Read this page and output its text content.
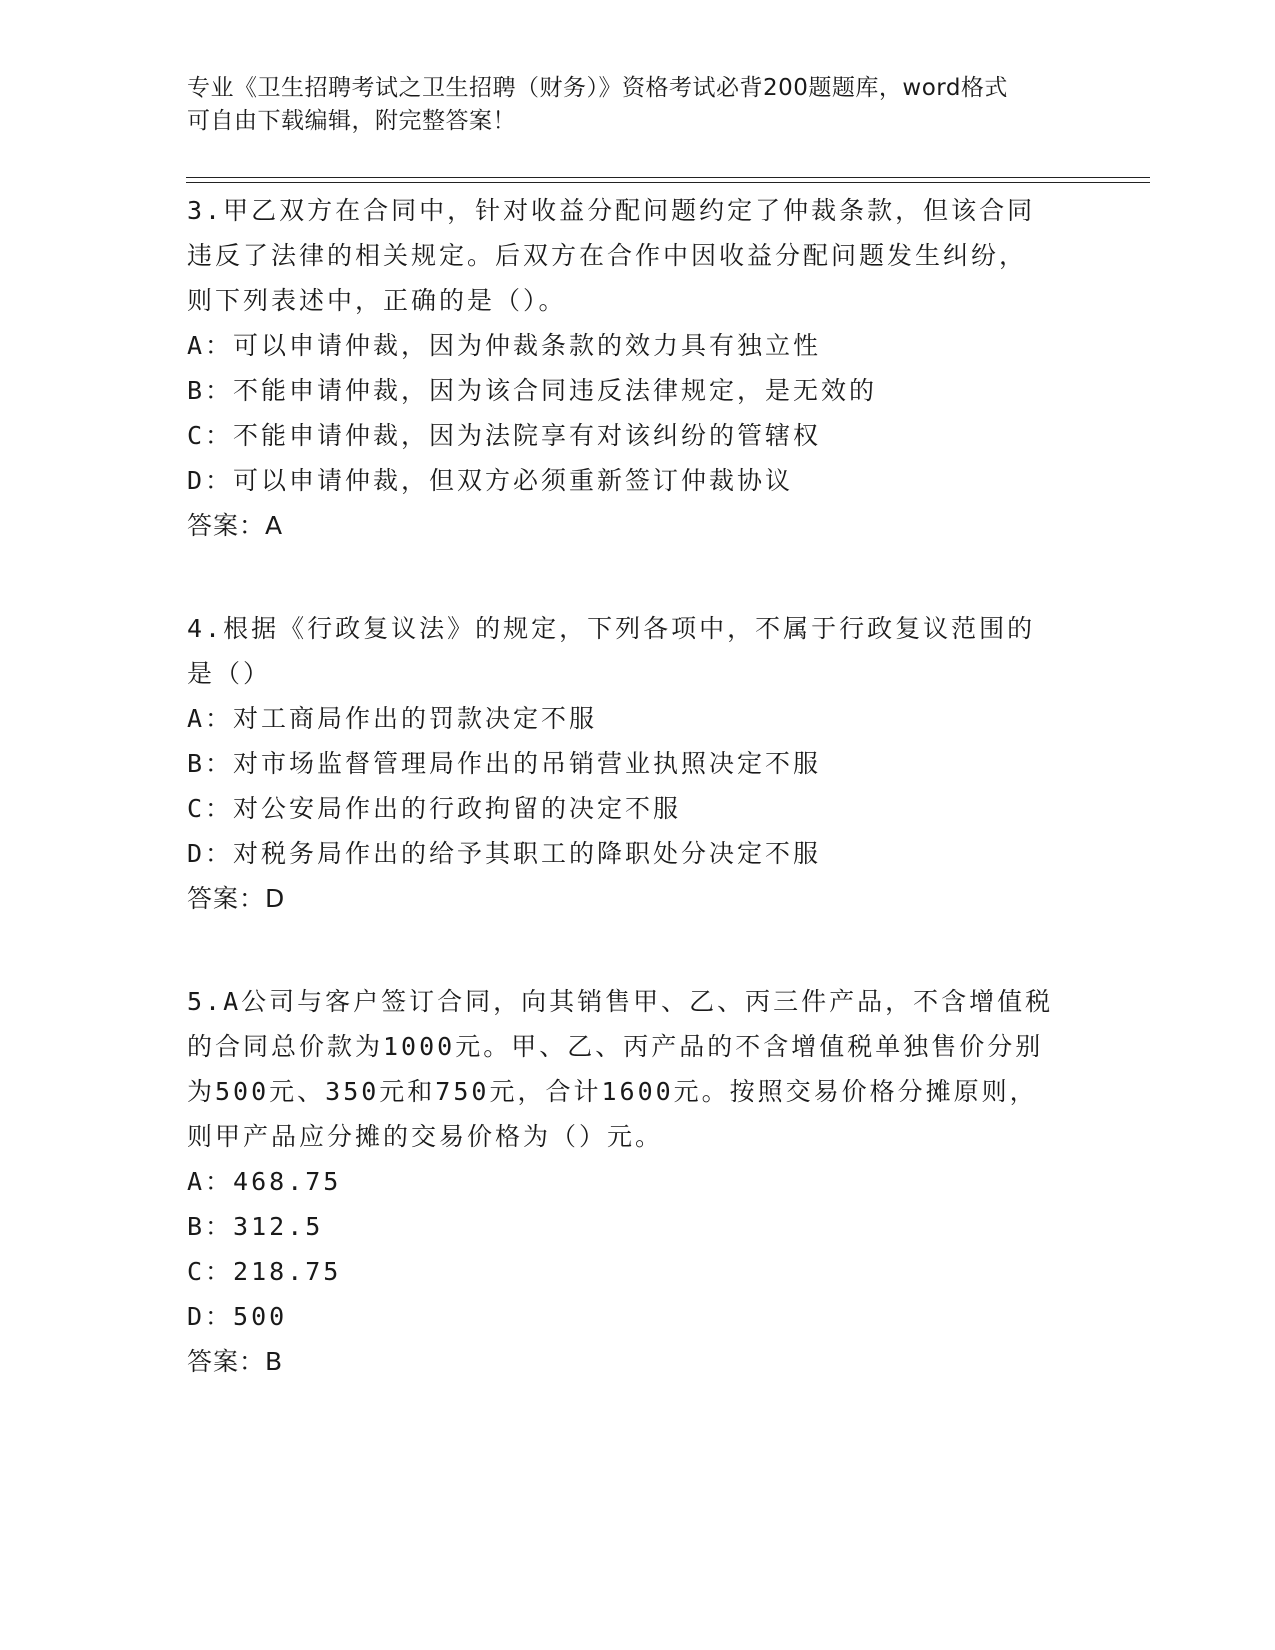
专业《卫生招聘考试之卫生招聘（财务）》资格考试必背200题题库，word格式
可自由下载编辑，附完整答案！
3.甲乙双方在合同中，针对收益分配问题约定了仲裁条款，但该合同
违反了法律的相关规定。后双方在合作中因收益分配问题发生纠纷，
则下列表述中，正确的是（）。
A：可以申请仲裁，因为仲裁条款的效力具有独立性
B：不能申请仲裁，因为该合同违反法律规定，是无效的
C：不能申请仲裁，因为法院享有对该纠纷的管辖权
D：可以申请仲裁，但双方必须重新签订仲裁协议
答案：A
4.根据《行政复议法》的规定，下列各项中，不属于行政复议范围的
是（）
A：对工商局作出的罚款决定不服
B：对市场监督管理局作出的吊销营业执照决定不服
C：对公安局作出的行政拘留的决定不服
D：对税务局作出的给予其职工的降职处分决定不服
答案：D
5.A公司与客户签订合同，向其销售甲、乙、丙三件产品，不含增值税
的合同总价款为1000元。甲、乙、丙产品的不含增值税单独售价分别
为500元、350元和750元，合计1600元。按照交易价格分摊原则，
则甲产品应分摊的交易价格为（）元。
A：468.75
B：312.5
C：218.75
D：500
答案：B
